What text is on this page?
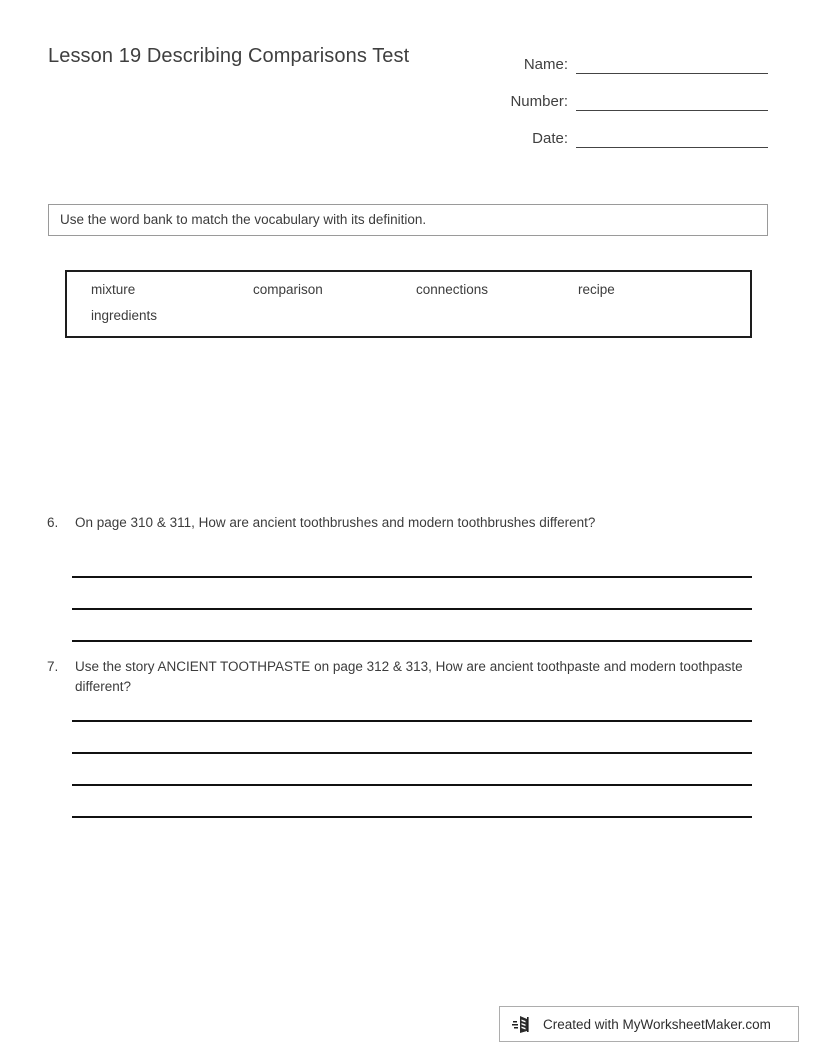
Lesson 19 Describing Comparisons Test	Name:
Number:
Date:
Use the word bank to match the vocabulary with its definition.
mixture	comparison	connections	recipe
ingredients
6.	On page 310 & 311, How are ancient toothbrushes and modern toothbrushes different?
7.	Use the story ANCIENT TOOTHPASTE on page 312 & 313, How are ancient toothpaste and modern toothpaste different?
Created with MyWorksheetMaker.com
